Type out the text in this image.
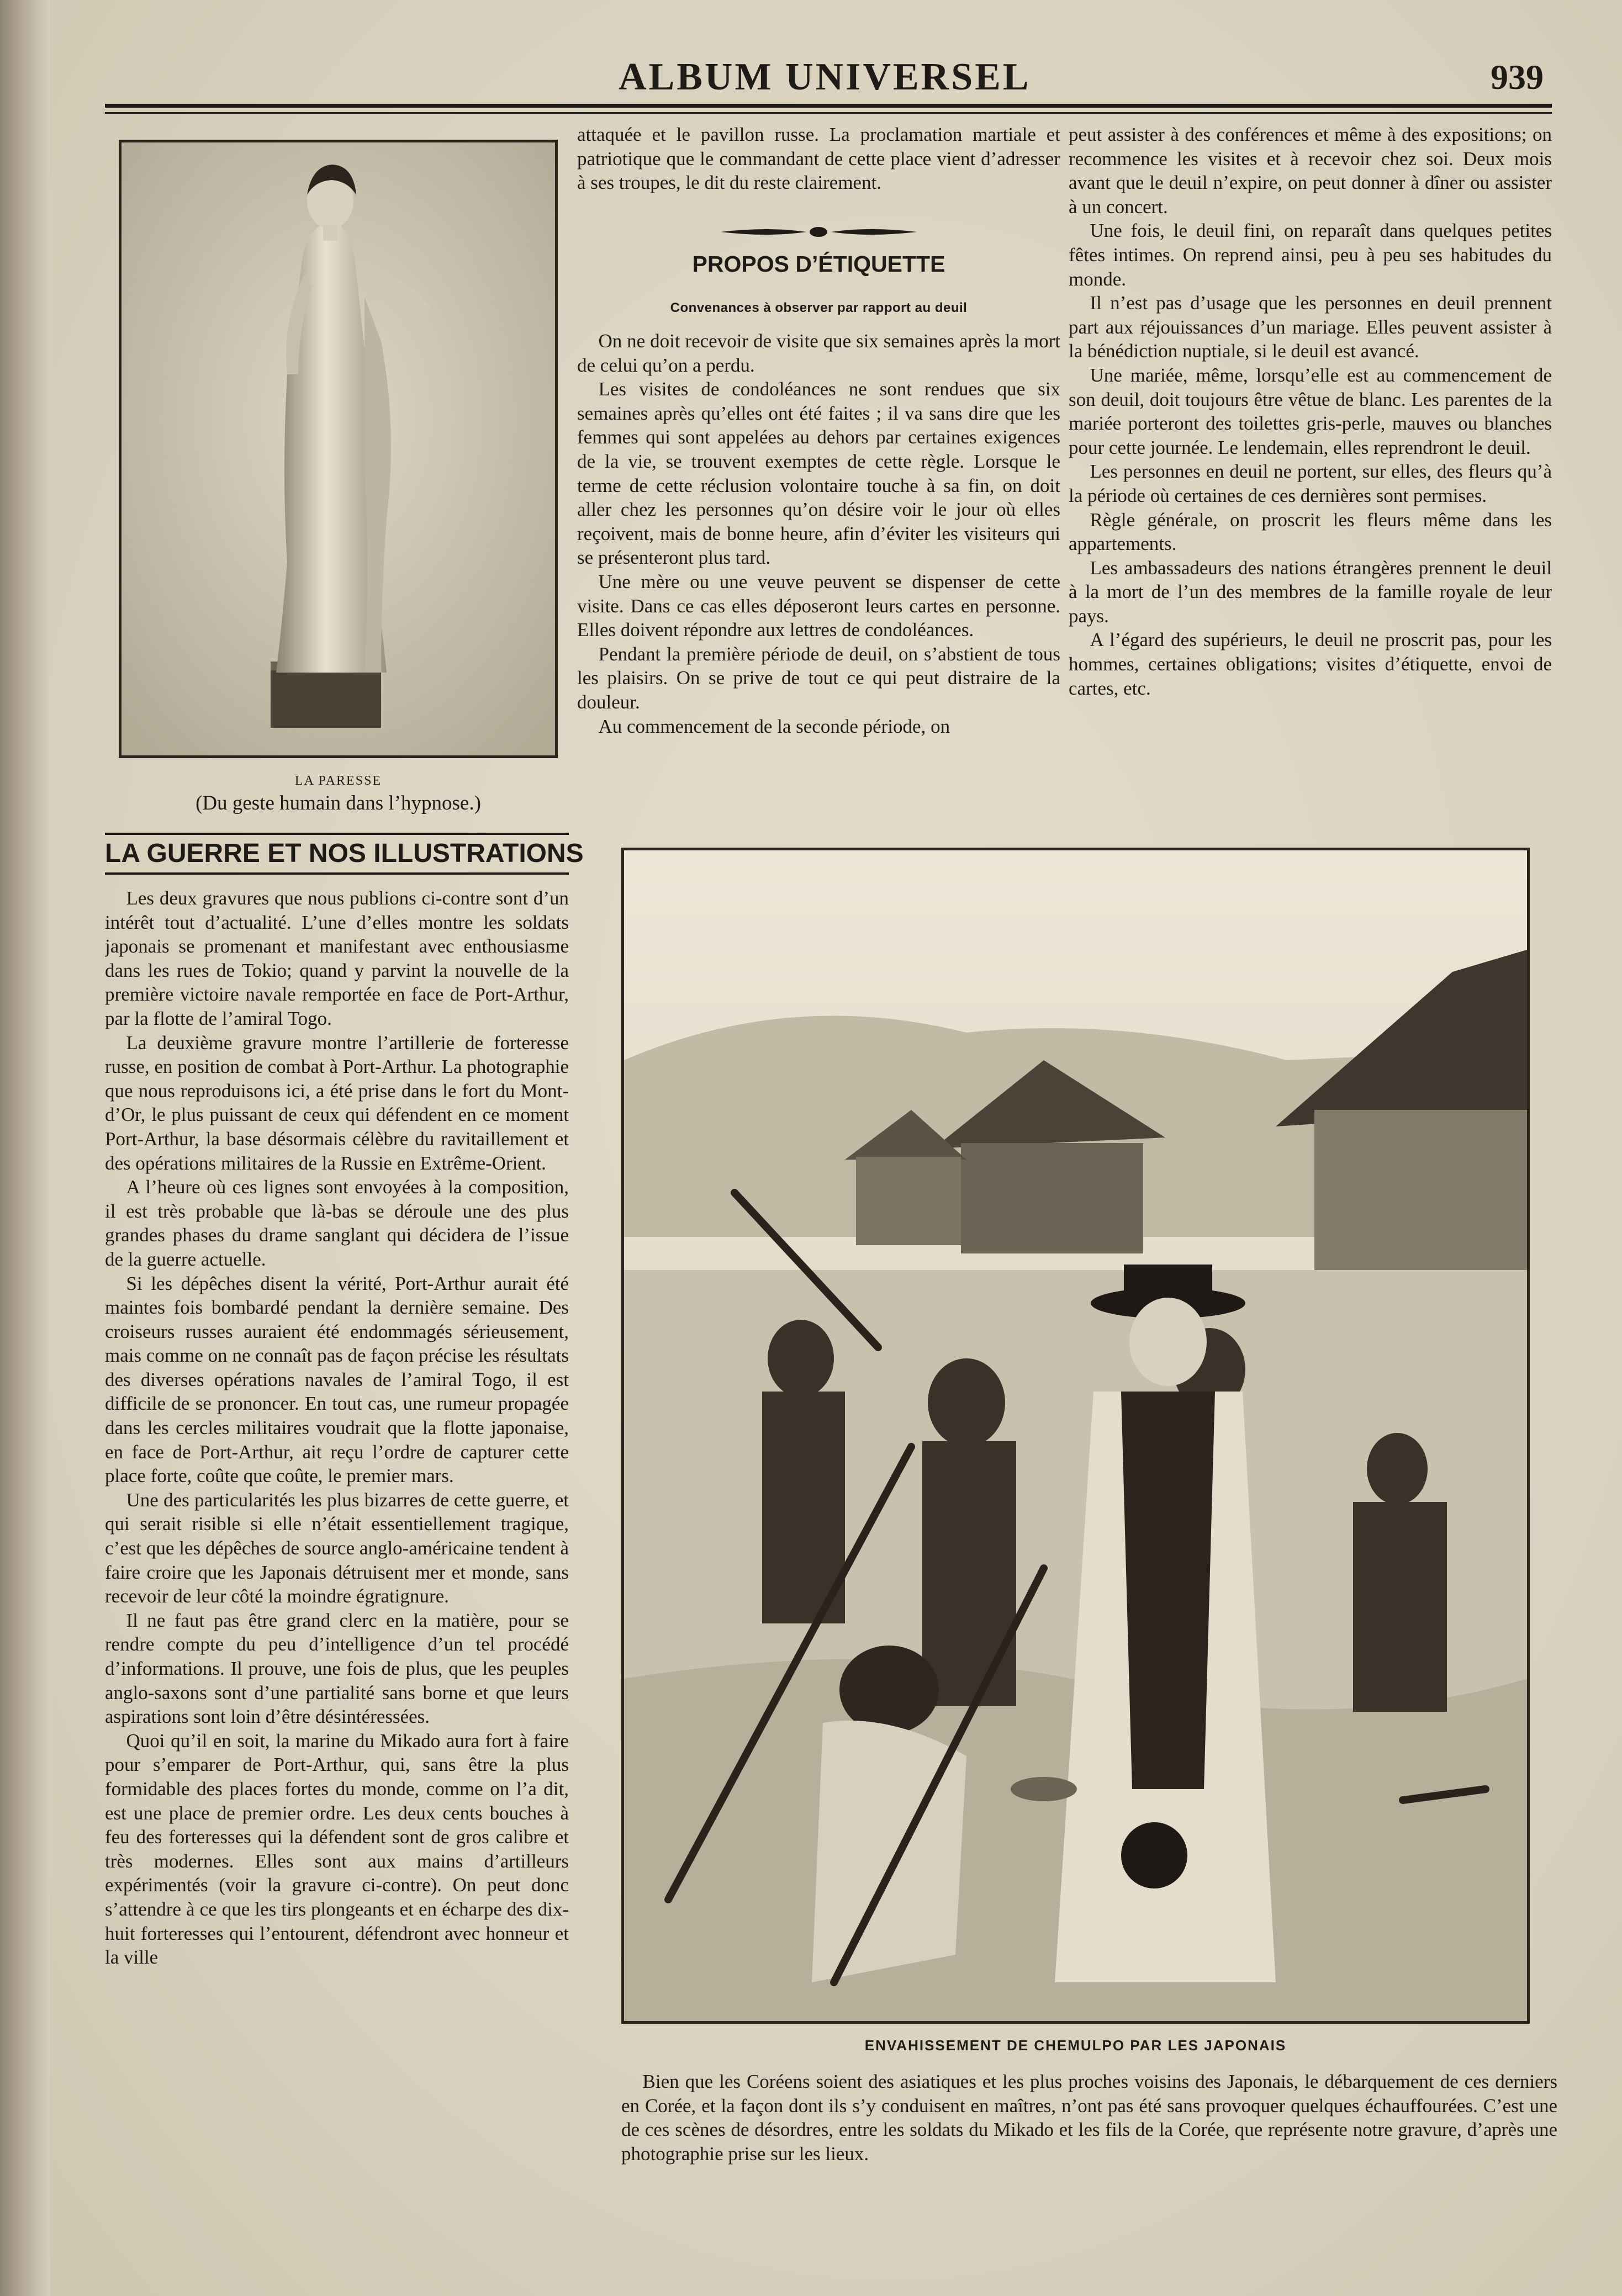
ALBUM UNIVERSEL	939
LA PARESSE
(Du geste humain dans l’hypnose.)
LA GUERRE ET NOS ILLUSTRATIONS

Les deux gravures que nous publions ci-contre sont d’un intérêt tout d’actualité. L’une d’elles montre les soldats japonais se promenant et manifestant avec enthousiasme dans les rues de Tokio; quand y parvint la nouvelle de la première victoire navale remportée en face de Port-Arthur, par la flotte de l’amiral Togo.

La deuxième gravure montre l’artillerie de forteresse russe, en position de combat à Port-Arthur. La photographie que nous reproduisons ici, a été prise dans le fort du Mont-d’Or, le plus puissant de ceux qui défendent en ce moment Port-Arthur, la base désormais célèbre du ravitaillement et des opérations militaires de la Russie en Extrême-Orient.

A l’heure où ces lignes sont envoyées à la composition, il est très probable que là-bas se déroule une des plus grandes phases du drame sanglant qui décidera de l’issue de la guerre actuelle.

Si les dépêches disent la vérité, Port-Arthur aurait été maintes fois bombardé pendant la dernière semaine. Des croiseurs russes auraient été endommagés sérieusement, mais comme on ne connaît pas de façon précise les résultats des diverses opérations navales de l’amiral Togo, il est difficile de se prononcer. En tout cas, une rumeur propagée dans les cercles militaires voudrait que la flotte japonaise, en face de Port-Arthur, ait reçu l’ordre de capturer cette place forte, coûte que coûte, le premier mars.

Une des particularités les plus bizarres de cette guerre, et qui serait risible si elle n’était essentiellement tragique, c’est que les dépêches de source anglo-américaine tendent à faire croire que les Japonais détruisent mer et monde, sans recevoir de leur côté la moindre égratignure.

Il ne faut pas être grand clerc en la matière, pour se rendre compte du peu d’intelligence d’un tel procédé d’informations. Il prouve, une fois de plus, que les peuples anglo-saxons sont d’une partialité sans borne et que leurs aspirations sont loin d’être désintéressées.

Quoi qu’il en soit, la marine du Mikado aura fort à faire pour s’emparer de Port-Arthur, qui, sans être la plus formidable des places fortes du monde, comme on l’a dit, est une place de premier ordre. Les deux cents bouches à feu des forteresses qui la défendent sont de gros calibre et très modernes. Elles sont aux mains d’artilleurs expérimentés (voir la gravure ci-contre). On peut donc s’attendre à ce que les tirs plongeants et en écharpe des dix-huit forteresses qui l’entourent, défendront avec honneur et la ville

attaquée et le pavillon russe. La proclamation martiale et patriotique que le commandant de cette place vient d’adresser à ses troupes, le dit du reste clairement.

PROPOS D’ÉTIQUETTE
Convenances à observer par rapport au deuil

On ne doit recevoir de visite que six semaines après la mort de celui qu’on a perdu.

Les visites de condoléances ne sont rendues que six semaines après qu’elles ont été faites ; il va sans dire que les femmes qui sont appelées au dehors par certaines exigences de la vie, se trouvent exemptes de cette règle. Lorsque le terme de cette réclusion volontaire touche à sa fin, on doit aller chez les personnes qu’on désire voir le jour où elles reçoivent, mais de bonne heure, afin d’éviter les visiteurs qui se présenteront plus tard.

Une mère ou une veuve peuvent se dispenser de cette visite. Dans ce cas elles déposeront leurs cartes en personne. Elles doivent répondre aux lettres de condoléances.

Pendant la première période de deuil, on s’abstient de tous les plaisirs. On se prive de tout ce qui peut distraire de la douleur.

Au commencement de la seconde période, on

peut assister à des conférences et même à des expositions; on recommence les visites et à recevoir chez soi. Deux mois avant que le deuil n’expire, on peut donner à dîner ou assister à un concert.

Une fois, le deuil fini, on reparaît dans quelques petites fêtes intimes. On reprend ainsi, peu à peu ses habitudes du monde.

Il n’est pas d’usage que les personnes en deuil prennent part aux réjouissances d’un mariage. Elles peuvent assister à la bénédiction nuptiale, si le deuil est avancé.

Une mariée, même, lorsqu’elle est au commencement de son deuil, doit toujours être vêtue de blanc. Les parentes de la mariée porteront des toilettes gris-perle, mauves ou blanches pour cette journée. Le lendemain, elles reprendront le deuil.

Les personnes en deuil ne portent, sur elles, des fleurs qu’à la période où certaines de ces dernières sont permises.

Règle générale, on proscrit les fleurs même dans les appartements.

Les ambassadeurs des nations étrangères prennent le deuil à la mort de l’un des membres de la famille royale de leur pays.

A l’égard des supérieurs, le deuil ne proscrit pas, pour les hommes, certaines obligations; visites d’étiquette, envoi de cartes, etc.

ENVAHISSEMENT DE CHEMULPO PAR LES JAPONAIS

Bien que les Coréens soient des asiatiques et les plus proches voisins des Japonais, le débarquement de ces derniers en Corée, et la façon dont ils s’y conduisent en maîtres, n’ont pas été sans provoquer quelques échauffourées. C’est une de ces scènes de désordres, entre les soldats du Mikado et les fils de la Corée, que représente notre gravure, d’après une photographie prise sur les lieux.
